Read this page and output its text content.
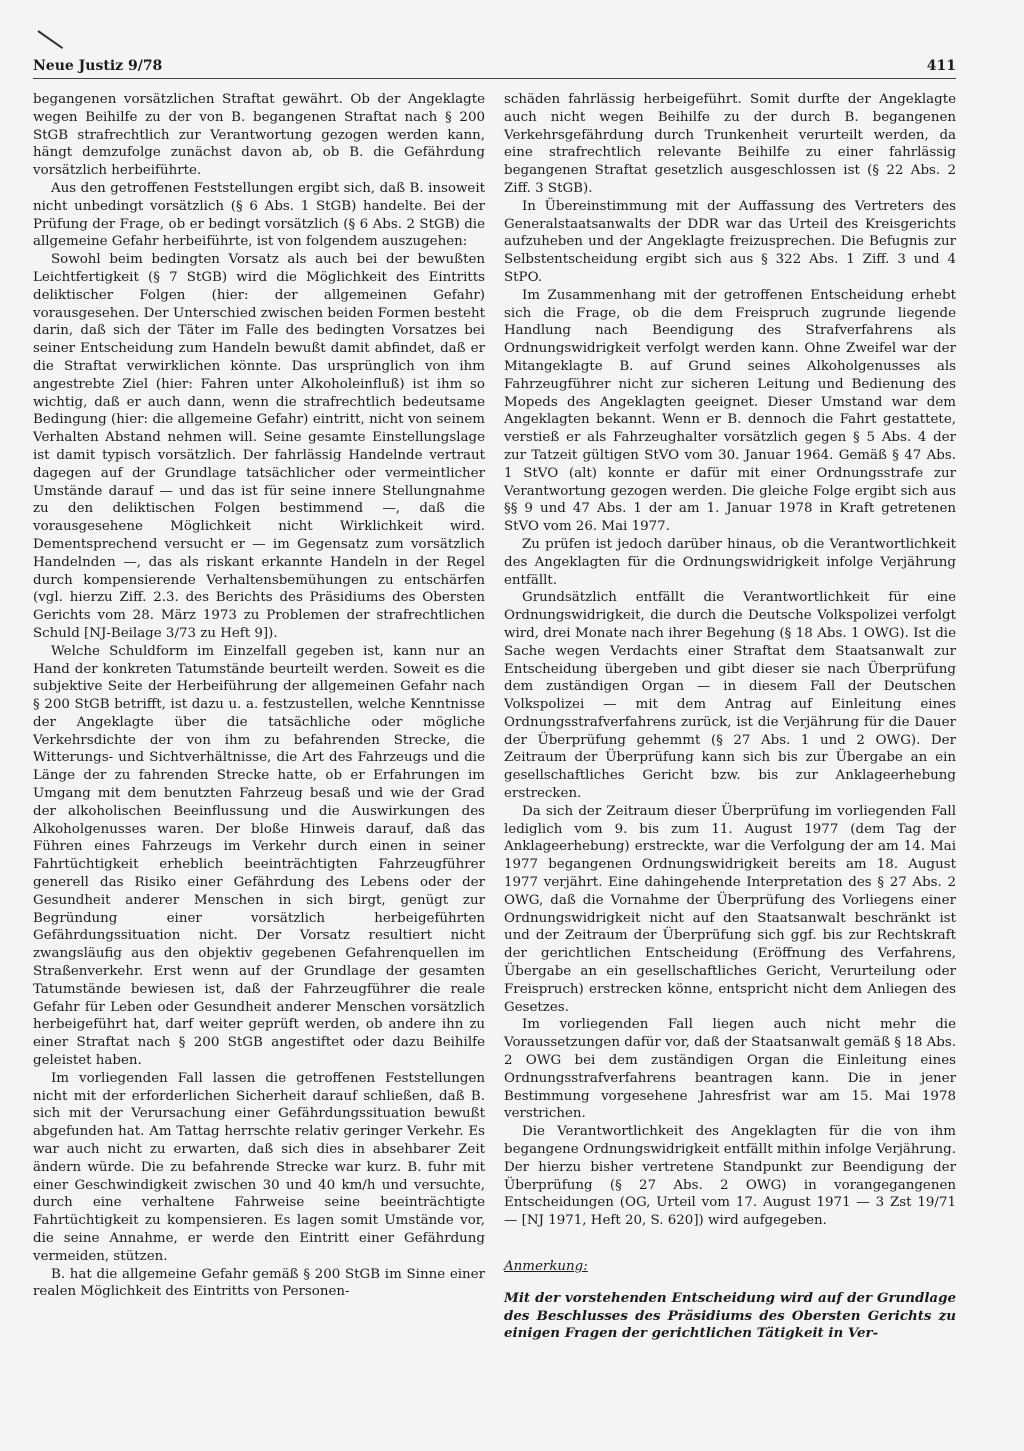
Neue Justiz 9/78	411

begangenen vorsätzlichen Straftat gewährt. Ob der Angeklagte wegen Beihilfe zu der von B. begangenen Straftat nach § 200 StGB strafrechtlich zur Verantwortung gezogen werden kann, hängt demzufolge zunächst davon ab, ob B. die Gefährdung vorsätzlich herbeiführte.

Aus den getroffenen Feststellungen ergibt sich, daß B. insoweit nicht unbedingt vorsätzlich (§ 6 Abs. 1 StGB) handelte. Bei der Prüfung der Frage, ob er bedingt vorsätzlich (§ 6 Abs. 2 StGB) die allgemeine Gefahr herbeiführte, ist von folgendem auszugehen:

Sowohl beim bedingten Vorsatz als auch bei der bewußten Leichtfertigkeit (§ 7 StGB) wird die Möglichkeit des Eintritts deliktischer Folgen (hier: der allgemeinen Gefahr) vorausgesehen. Der Unterschied zwischen beiden Formen besteht darin, daß sich der Täter im Falle des bedingten Vorsatzes bei seiner Entscheidung zum Handeln bewußt damit abfindet, daß er die Straftat verwirklichen könnte. Das ursprünglich von ihm angestrebte Ziel (hier: Fahren unter Alkoholeinfluß) ist ihm so wichtig, daß er auch dann, wenn die strafrechtlich bedeutsame Bedingung (hier: die allgemeine Gefahr) eintritt, nicht von seinem Verhalten Abstand nehmen will. Seine gesamte Einstellungslage ist damit typisch vorsätzlich. Der fahrlässig Handelnde vertraut dagegen auf der Grundlage tatsächlicher oder vermeintlicher Umstände darauf — und das ist für seine innere Stellungnahme zu den deliktischen Folgen bestimmend —, daß die vorausgesehene Möglichkeit nicht Wirklichkeit wird. Dementsprechend versucht er — im Gegensatz zum vorsätzlich Handelnden —, das als riskant erkannte Handeln in der Regel durch kompensierende Verhaltensbemühungen zu entschärfen (vgl. hierzu Ziff. 2.3. des Berichts des Präsidiums des Obersten Gerichts vom 28. März 1973 zu Problemen der strafrechtlichen Schuld [NJ-Beilage 3/73 zu Heft 9]).

Welche Schuldform im Einzelfall gegeben ist, kann nur an Hand der konkreten Tatumstände beurteilt werden. Soweit es die subjektive Seite der Herbeiführung der allgemeinen Gefahr nach § 200 StGB betrifft, ist dazu u. a. festzustellen, welche Kenntnisse der Angeklagte über die tatsächliche oder mögliche Verkehrsdichte der von ihm zu befahrenden Strecke, die Witterungs- und Sichtverhältnisse, die Art des Fahrzeugs und die Länge der zu fahrenden Strecke hatte, ob er Erfahrungen im Umgang mit dem benutzten Fahrzeug besaß und wie der Grad der alkoholischen Beeinflussung und die Auswirkungen des Alkoholgenusses waren. Der bloße Hinweis darauf, daß das Führen eines Fahrzeugs im Verkehr durch einen in seiner Fahrtüchtigkeit erheblich beeinträchtigten Fahrzeugführer generell das Risiko einer Gefährdung des Lebens oder der Gesundheit anderer Menschen in sich birgt, genügt zur Begründung einer vorsätzlich herbeigeführten Gefährdungssituation nicht. Der Vorsatz resultiert nicht zwangsläufig aus den objektiv gegebenen Gefahrenquellen im Straßenverkehr. Erst wenn auf der Grundlage der gesamten Tatumstände bewiesen ist, daß der Fahrzeugführer die reale Gefahr für Leben oder Gesundheit anderer Menschen vorsätzlich herbeigeführt hat, darf weiter geprüft werden, ob andere ihn zu einer Straftat nach § 200 StGB angestiftet oder dazu Beihilfe geleistet haben.

Im vorliegenden Fall lassen die getroffenen Feststellungen nicht mit der erforderlichen Sicherheit darauf schließen, daß B. sich mit der Verursachung einer Gefährdungssituation bewußt abgefunden hat. Am Tattag herrschte relativ geringer Verkehr. Es war auch nicht zu erwarten, daß sich dies in absehbarer Zeit ändern würde. Die zu befahrende Strecke war kurz. B. fuhr mit einer Geschwindigkeit zwischen 30 und 40 km/h und versuchte, durch eine verhaltene Fahrweise seine beeinträchtigte Fahrtüchtigkeit zu kompensieren. Es lagen somit Umstände vor, die seine Annahme, er werde den Eintritt einer Gefährdung vermeiden, stützen.

B. hat die allgemeine Gefahr gemäß § 200 StGB im Sinne einer realen Möglichkeit des Eintritts von Personen-

schäden fahrlässig herbeigeführt. Somit durfte der Angeklagte auch nicht wegen Beihilfe zu der durch B. begangenen Verkehrsgefährdung durch Trunkenheit verurteilt werden, da eine strafrechtlich relevante Beihilfe zu einer fahrlässig begangenen Straftat gesetzlich ausgeschlossen ist (§ 22 Abs. 2 Ziff. 3 StGB).

In Übereinstimmung mit der Auffassung des Vertreters des Generalstaatsanwalts der DDR war das Urteil des Kreisgerichts aufzuheben und der Angeklagte freizusprechen. Die Befugnis zur Selbstentscheidung ergibt sich aus § 322 Abs. 1 Ziff. 3 und 4 StPO.

Im Zusammenhang mit der getroffenen Entscheidung erhebt sich die Frage, ob die dem Freispruch zugrunde liegende Handlung nach Beendigung des Strafverfahrens als Ordnungswidrigkeit verfolgt werden kann. Ohne Zweifel war der Mitangeklagte B. auf Grund seines Alkoholgenusses als Fahrzeugführer nicht zur sicheren Leitung und Bedienung des Mopeds des Angeklagten geeignet. Dieser Umstand war dem Angeklagten bekannt. Wenn er B. dennoch die Fahrt gestattete, verstieß er als Fahrzeughalter vorsätzlich gegen § 5 Abs. 4 der zur Tatzeit gültigen StVO vom 30. Januar 1964. Gemäß § 47 Abs. 1 StVO (alt) konnte er dafür mit einer Ordnungsstrafe zur Verantwortung gezogen werden. Die gleiche Folge ergibt sich aus §§ 9 und 47 Abs. 1 der am 1. Januar 1978 in Kraft getretenen StVO vom 26. Mai 1977.

Zu prüfen ist jedoch darüber hinaus, ob die Verantwortlichkeit des Angeklagten für die Ordnungswidrigkeit infolge Verjährung entfällt.

Grundsätzlich entfällt die Verantwortlichkeit für eine Ordnungswidrigkeit, die durch die Deutsche Volkspolizei verfolgt wird, drei Monate nach ihrer Begehung (§ 18 Abs. 1 OWG). Ist die Sache wegen Verdachts einer Straftat dem Staatsanwalt zur Entscheidung übergeben und gibt dieser sie nach Überprüfung dem zuständigen Organ — in diesem Fall der Deutschen Volkspolizei — mit dem Antrag auf Einleitung eines Ordnungsstrafverfahrens zurück, ist die Verjährung für die Dauer der Überprüfung gehemmt (§ 27 Abs. 1 und 2 OWG). Der Zeitraum der Überprüfung kann sich bis zur Übergabe an ein gesellschaftliches Gericht bzw. bis zur Anklageerhebung erstrecken.

Da sich der Zeitraum dieser Überprüfung im vorliegenden Fall lediglich vom 9. bis zum 11. August 1977 (dem Tag der Anklageerhebung) erstreckte, war die Verfolgung der am 14. Mai 1977 begangenen Ordnungswidrigkeit bereits am 18. August 1977 verjährt. Eine dahingehende Interpretation des § 27 Abs. 2 OWG, daß die Vornahme der Überprüfung des Vorliegens einer Ordnungswidrigkeit nicht auf den Staatsanwalt beschränkt ist und der Zeitraum der Überprüfung sich ggf. bis zur Rechtskraft der gerichtlichen Entscheidung (Eröffnung des Verfahrens, Übergabe an ein gesellschaftliches Gericht, Verurteilung oder Freispruch) erstrecken könne, entspricht nicht dem Anliegen des Gesetzes.

Im vorliegenden Fall liegen auch nicht mehr die Voraussetzungen dafür vor, daß der Staatsanwalt gemäß § 18 Abs. 2 OWG bei dem zuständigen Organ die Einleitung eines Ordnungsstrafverfahrens beantragen kann. Die in jener Bestimmung vorgesehene Jahresfrist war am 15. Mai 1978 verstrichen.

Die Verantwortlichkeit des Angeklagten für die von ihm begangene Ordnungswidrigkeit entfällt mithin infolge Verjährung. Der hierzu bisher vertretene Standpunkt zur Beendigung der Überprüfung (§ 27 Abs. 2 OWG) in vorangegangenen Entscheidungen (OG, Urteil vom 17. August 1971 — 3 Zst 19/71 — [NJ 1971, Heft 20, S. 620]) wird aufgegeben.

Anmerkung:

Mit der vorstehenden Entscheidung wird auf der Grundlage des Beschlusses des Präsidiums des Obersten Gerichts zu einigen Fragen der gerichtlichen Tätigkeit in Ver-
